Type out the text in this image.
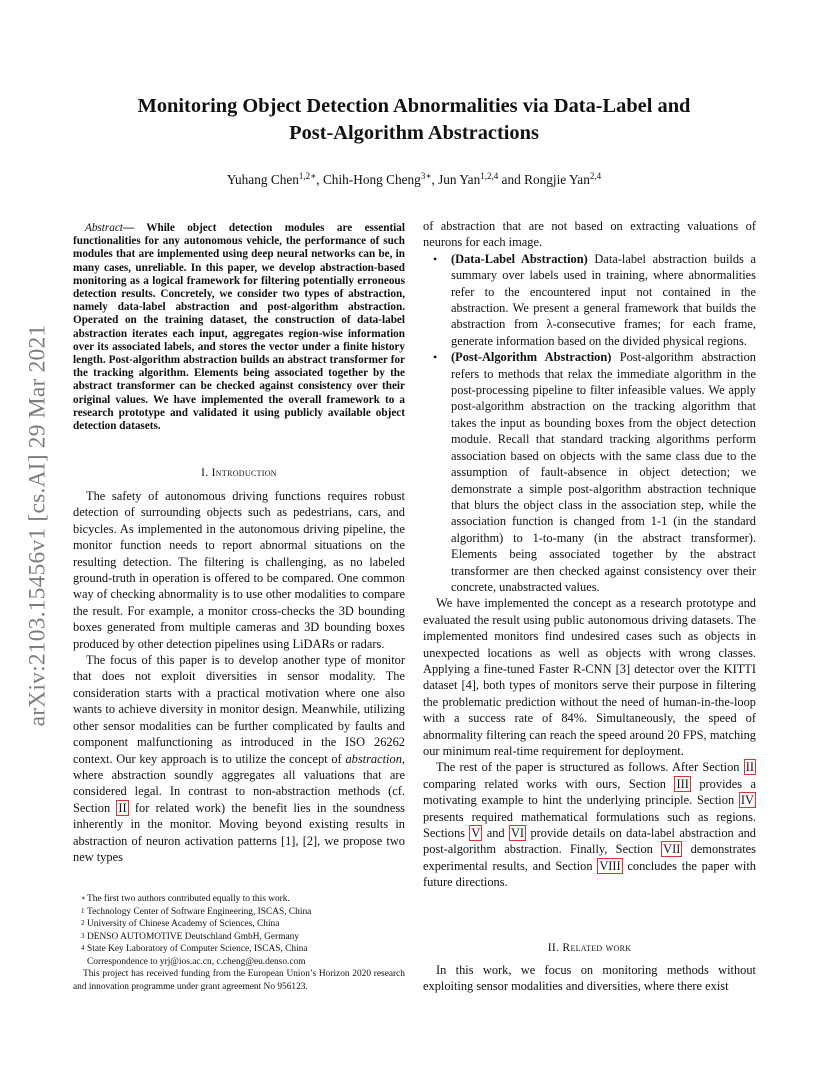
arXiv:2103.15456v1 [cs.AI] 29 Mar 2021
Monitoring Object Detection Abnormalities via Data-Label and
Post-Algorithm Abstractions
Yuhang Chen$^{1,2∗}$, Chih-Hong Cheng$^{3∗}$, Jun Yan$^{1,2,4}$ and Rongjie Yan$^{2,4}$
Abstract— While object detection modules are essential functionalities for any autonomous vehicle, the performance of such modules that are implemented using deep neural networks can be, in many cases, unreliable. In this paper, we develop abstraction-based monitoring as a logical framework for filtering potentially erroneous detection results. Concretely, we consider two types of abstraction, namely data-label abstraction and post-algorithm abstraction. Operated on the training dataset, the construction of data-label abstraction iterates each input, aggregates region-wise information over its associated labels, and stores the vector under a finite history length. Post-algorithm abstraction builds an abstract transformer for the tracking algorithm. Elements being associated together by the abstract transformer can be checked against consistency over their original values. We have implemented the overall framework to a research prototype and validated it using publicly available object detection datasets.
I. Introduction

The safety of autonomous driving functions requires robust detection of surrounding objects such as pedestrians, cars, and bicycles. As implemented in the autonomous driving pipeline, the monitor function needs to report abnormal situations on the resulting detection. The filtering is challenging, as no labeled ground-truth in operation is offered to be compared. One common way of checking abnormality is to use other modalities to compare the result. For example, a monitor cross-checks the 3D bounding boxes generated from multiple cameras and 3D bounding boxes produced by other detection pipelines using LiDARs or radars.

The focus of this paper is to develop another type of monitor that does not exploit diversities in sensor modality. The consideration starts with a practical motivation where one also wants to achieve diversity in monitor design. Meanwhile, utilizing other sensor modalities can be further complicated by faults and component malfunctioning as introduced in the ISO 26262 context. Our key approach is to utilize the concept of abstraction, where abstraction soundly aggregates all valuations that are considered legal. In contrast to non-abstraction methods (cf. Section II for related work) the benefit lies in the soundness inherently in the monitor. Moving beyond existing results in abstraction of neuron activation patterns [1], [2], we propose two new types

∗ The first two authors contributed equally to this work.
1 Technology Center of Software Engineering, ISCAS, China
2 University of Chinese Academy of Sciences, China
3 DENSO AUTOMOTIVE Deutschland GmbH, Germany
4 State Key Laboratory of Computer Science, ISCAS, China
Correspondence to yrj@ios.ac.cn, c.cheng@eu.denso.com
This project has received funding from the European Union’s Horizon 2020 research and innovation programme under grant agreement No 956123.

of abstraction that are not based on extracting valuations of neurons for each image.

• (Data-Label Abstraction) Data-label abstraction builds a summary over labels used in training, where abnormalities refer to the encountered input not contained in the abstraction. We present a general framework that builds the abstraction from λ-consecutive frames; for each frame, generate information based on the divided physical regions.
• (Post-Algorithm Abstraction) Post-algorithm abstraction refers to methods that relax the immediate algorithm in the post-processing pipeline to filter infeasible values. We apply post-algorithm abstraction on the tracking algorithm that takes the input as bounding boxes from the object detection module. Recall that standard tracking algorithms perform association based on objects with the same class due to the assumption of fault-absence in object detection; we demonstrate a simple post-algorithm abstraction technique that blurs the object class in the association step, while the association function is changed from 1-1 (in the standard algorithm) to 1-to-many (in the abstract transformer). Elements being associated together by the abstract transformer are then checked against consistency over their concrete, unabstracted values.

We have implemented the concept as a research prototype and evaluated the result using public autonomous driving datasets. The implemented monitors find undesired cases such as objects in unexpected locations as well as objects with wrong classes. Applying a fine-tuned Faster R-CNN [3] detector over the KITTI dataset [4], both types of monitors serve their purpose in filtering the problematic prediction without the need of human-in-the-loop with a success rate of 84%. Simultaneously, the speed of abnormality filtering can reach the speed around 20 FPS, matching our minimum real-time requirement for deployment.

The rest of the paper is structured as follows. After Section II comparing related works with ours, Section III provides a motivating example to hint the underlying principle. Section IV presents required mathematical formulations such as regions. Sections V and VI provide details on data-label abstraction and post-algorithm abstraction. Finally, Section VII demonstrates experimental results, and Section VIII concludes the paper with future directions.

II. Related work

In this work, we focus on monitoring methods without exploiting sensor modalities and diversities, where there exist
